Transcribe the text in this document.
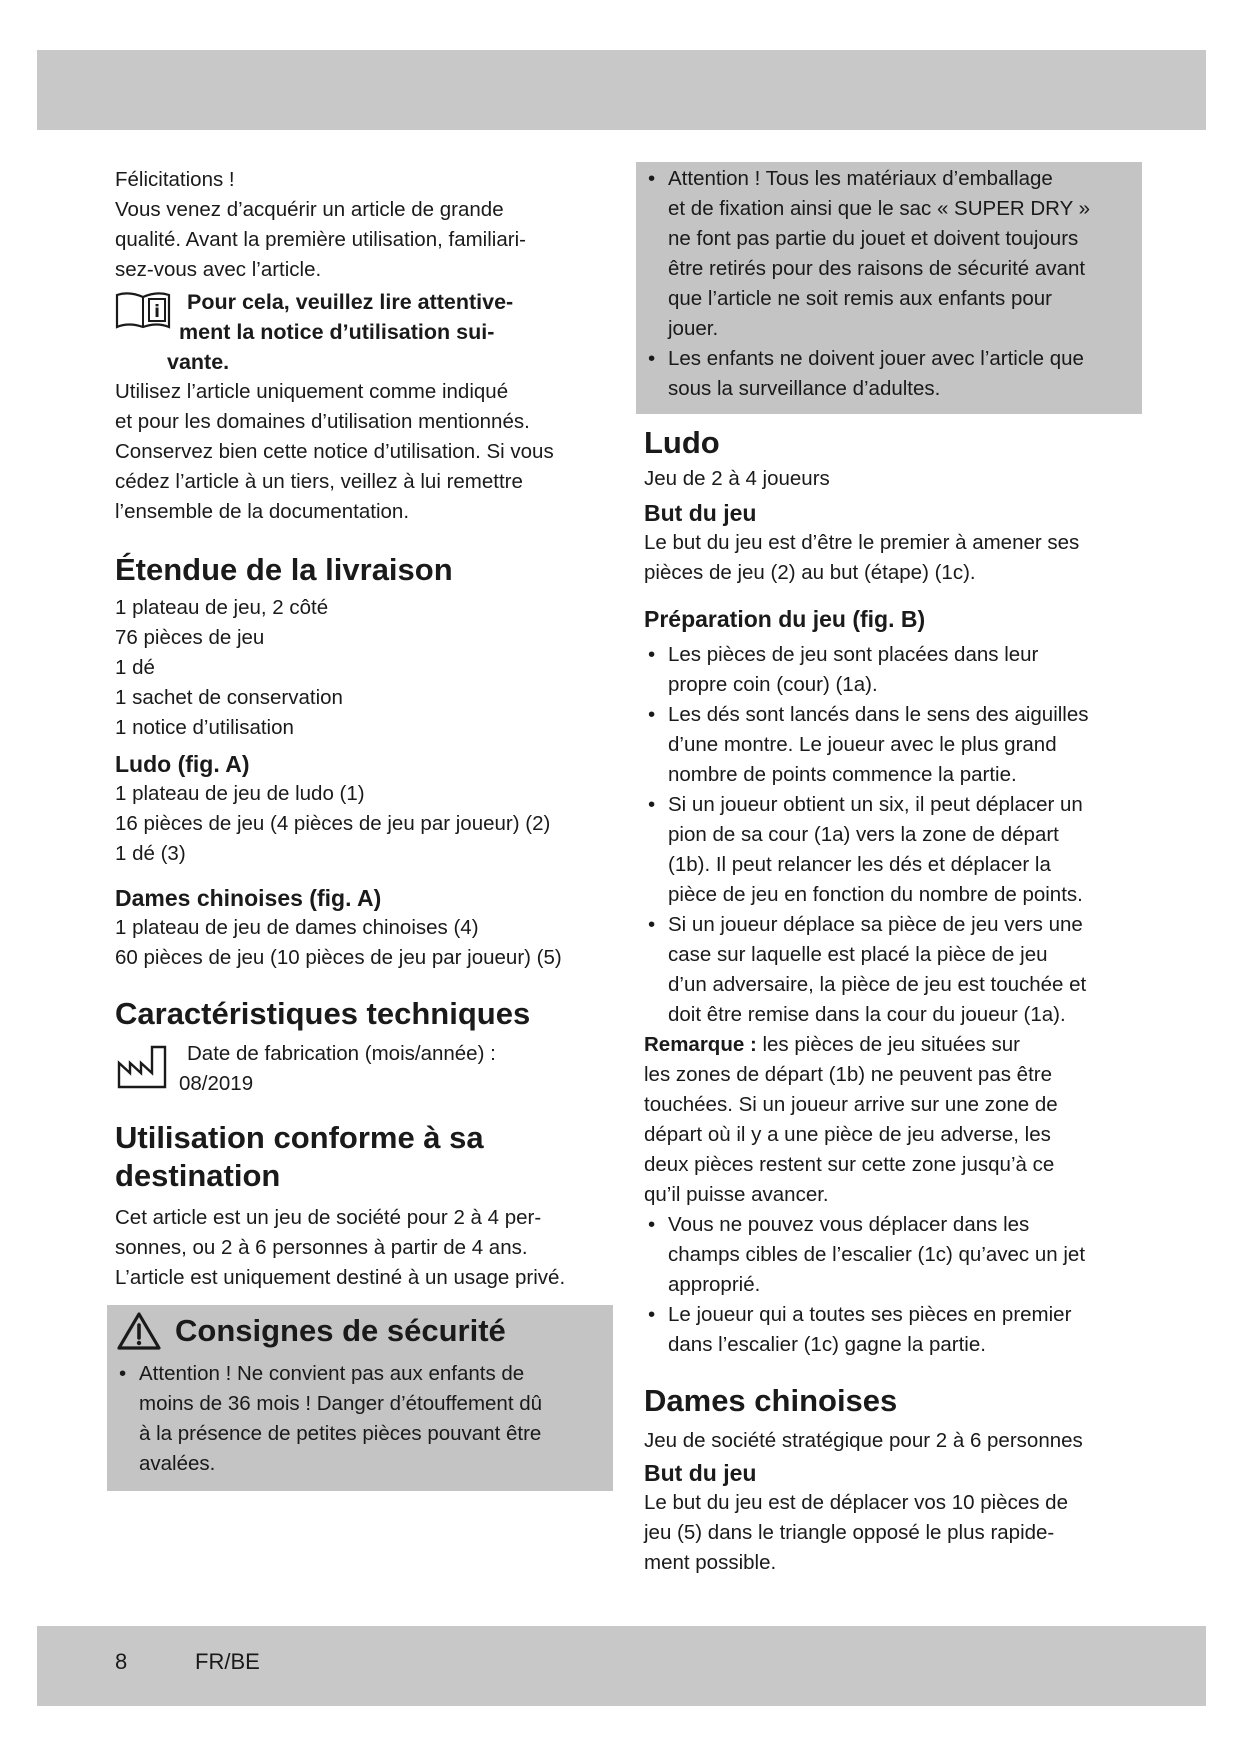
Félicitations !

Vous venez d’acquérir un article de grande

qualité. Avant la première utilisation, familiari-

sez-vous avec l’article.

i	Pour cela, veuillez lire attentive-

ment la notice d’utilisation sui-

vante.

Utilisez l’article uniquement comme indiqué

et pour les domaines d’utilisation mentionnés.

Conservez bien cette notice d’utilisation. Si vous

cédez l’article à un tiers, veillez à lui remettre

l’ensemble de la documentation.

Étendue de la livraison
1 plateau de jeu, 2 côté
76 pièces de jeu
1 dé
1 sachet de conservation
1 notice d’utilisation
Ludo (fig. A)
1 plateau de jeu de ludo (1)
16 pièces de jeu (4 pièces de jeu par joueur) (2)
1 dé (3)
Dames chinoises (fig. A)
1 plateau de jeu de dames chinoises (4)
60 pièces de jeu (10 pièces de jeu par joueur) (5)
Caractéristiques techniques

Date de fabrication (mois/année) :

08/2019

Utilisation conforme à sa
destination

Cet article est un jeu de société pour 2 à 4 per-

sonnes, ou 2 à 6 personnes à partir de 4 ans.

L’article est uniquement destiné à un usage privé.

Consignes de sécurité
• Attention ! Ne convient pas aux enfants de
moins de 36 mois ! Danger d’étouffement dû
à la présence de petites pièces pouvant être
avalées.
• Attention ! Tous les matériaux d’emballage
et de fixation ainsi que le sac « SUPER DRY »
ne font pas partie du jouet et doivent toujours
être retirés pour des raisons de sécurité avant
que l’article ne soit remis aux enfants pour
jouer.
• Les enfants ne doivent jouer avec l’article que
sous la surveillance d’adultes.
Ludo

Jeu de 2 à 4 joueurs

But du jeu

Le but du jeu est d’être le premier à amener ses

pièces de jeu (2) au but (étape) (1c).

Préparation du jeu (fig. B)
• Les pièces de jeu sont placées dans leur
propre coin (cour) (1a).
• Les dés sont lancés dans le sens des aiguilles
d’une montre. Le joueur avec le plus grand
nombre de points commence la partie.
• Si un joueur obtient un six, il peut déplacer un
pion de sa cour (1a) vers la zone de départ
(1b). Il peut relancer les dés et déplacer la
pièce de jeu en fonction du nombre de points.
• Si un joueur déplace sa pièce de jeu vers une
case sur laquelle est placé la pièce de jeu
d’un adversaire, la pièce de jeu est touchée et
doit être remise dans la cour du joueur (1a).

Remarque : les pièces de jeu situées sur

les zones de départ (1b) ne peuvent pas être

touchées. Si un joueur arrive sur une zone de

départ où il y a une pièce de jeu adverse, les

deux pièces restent sur cette zone jusqu’à ce

qu’il puisse avancer.

• Vous ne pouvez vous déplacer dans les
champs cibles de l’escalier (1c) qu’avec un jet
approprié.
• Le joueur qui a toutes ses pièces en premier
dans l’escalier (1c) gagne la partie.
Dames chinoises

Jeu de société stratégique pour 2 à 6 personnes

But du jeu

Le but du jeu est de déplacer vos 10 pièces de

jeu (5) dans le triangle opposé le plus rapide-

ment possible.

8	FR/BE
